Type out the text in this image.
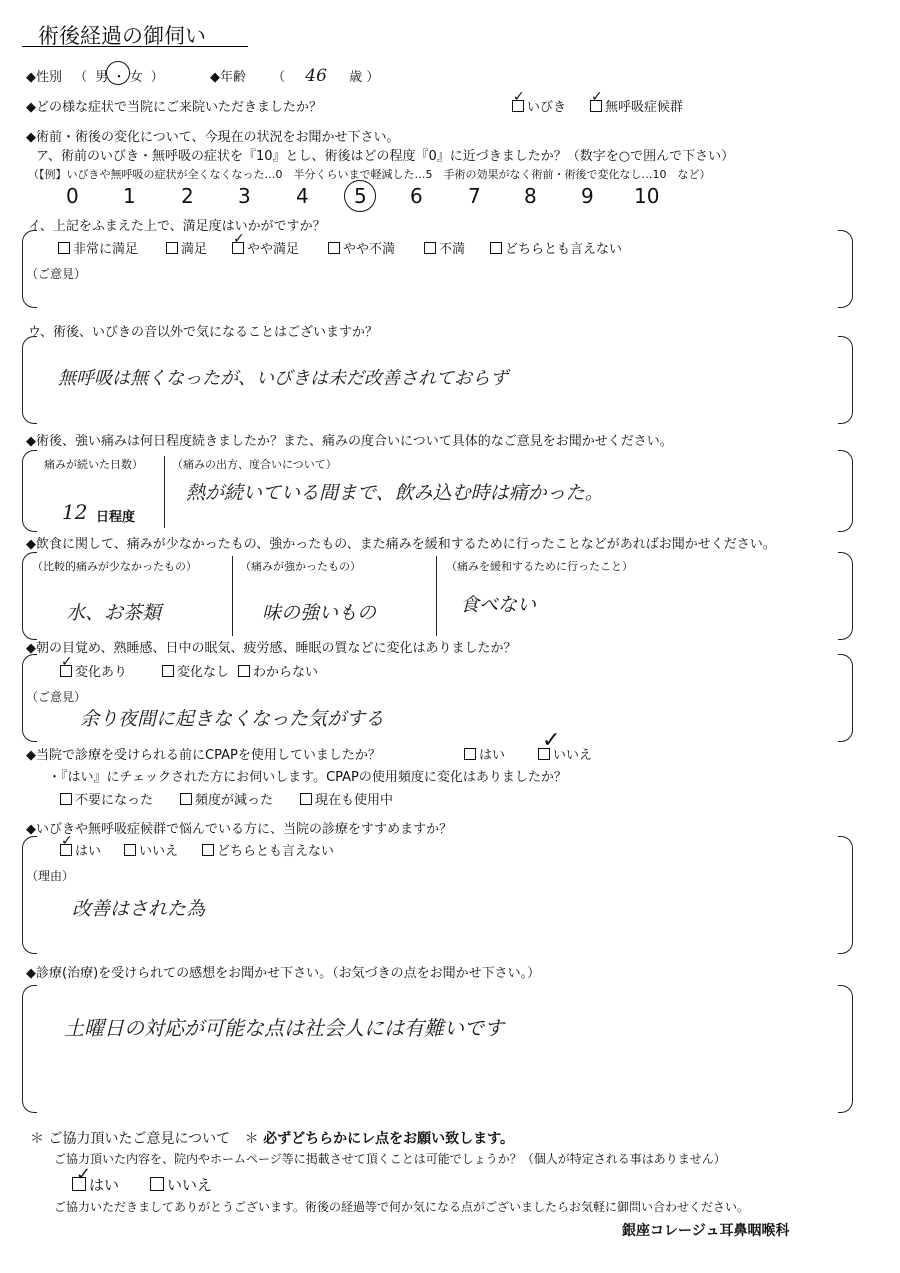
術後経過の御伺い
◆性別 （ 男 ・ 女 ）	◆年齢 （ 46 歳 ）
◆どの様な症状で当院にご来院いただきましたか？	いびき	無呼吸症候群
✓	✓
◆術前・術後の変化について、今現在の状況をお聞かせ下さい。
ア、術前のいびき・無呼吸の症状を『10』とし、術後はどの程度『0』に近づきましたか？（数字を○で囲んで下さい）
（【例】いびきや無呼吸の症状が全くなくなった…0　半分くらいまで軽減した…5　手術の効果がなく術前・術後で変化なし…10　など）
0 1 2 3 4 5 6 7 8 9 10
イ、上記をふまえた上で、満足度はいかがですか？
非常に満足	満足	やや満足
✓
やや不満	不満	どちらとも言えない
（ご意見）
ウ、術後、いびきの音以外で気になることはございますか？
無呼吸は無くなったが、いびきは未だ改善されておらず
◆術後、強い痛みは何日程度続きましたか？また、痛みの度合いについて具体的なご意見をお聞かせください。
痛みが続いた日数）
12 日程度
（痛みの出方、度合いについて）
熱が続いている間まで、飲み込む時は痛かった。
◆飲食に関して、痛みが少なかったもの、強かったもの、また痛みを緩和するために行ったことなどがあればお聞かせください。
（比較的痛みが少なかったもの）
水、お茶類
（痛みが強かったもの）
味の強いもの
（痛みを緩和するために行ったこと）
食べない
◆朝の目覚め、熟睡感、日中の眠気、疲労感、睡眠の質などに変化はありましたか？
変化あり
✓
変化なし	わからない
（ご意見）
余り夜間に起きなくなった気がする
◆当院で診療を受けられる前にCPAPを使用していましたか？	はい	いいえ
✓
・『はい』にチェックされた方にお伺いします。CPAPの使用頻度に変化はありましたか？
不要になった	頻度が減った	現在も使用中
◆いびきや無呼吸症候群で悩んでいる方に、当院の診療をすすめますか？
はい
✓
いいえ	どちらとも言えない
（理由）
改善はされた為
◆診療(治療)を受けられての感想をお聞かせ下さい。（お気づきの点をお聞かせ下さい。）
土曜日の対応が可能な点は社会人には有難いです
＊ ご協力頂いたご意見について ＊ 必ずどちらかにレ点をお願い致します。
ご協力頂いた内容を、院内やホームページ等に掲載させて頂くことは可能でしょうか？（個人が特定される事はありません）
はい
✓	いいえ
ご協力いただきましてありがとうございます。術後の経過等で何か気になる点がございましたらお気軽に御問い合わせください。
銀座コレージュ耳鼻咽喉科
